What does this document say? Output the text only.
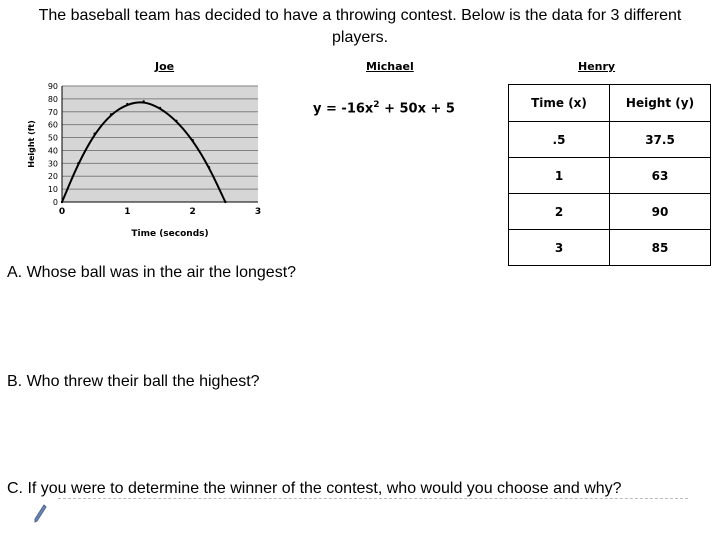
The baseball team has decided to have a throwing contest. Below is the data for 3 different players.
Joe	Michael	Henry
0
10
20
30
40
50
60
70
80
90
0	1	2	3
Height (ft)
Time (seconds)
$y = -16x^2 + 50x + 5$	Time (x)	Height (y)
.5	37.5
1	63
2	90
3	85
A. Whose ball was in the air the longest?
B. Who threw their ball the highest?
C. If you were to determine the winner of the contest, who would you choose and why?
